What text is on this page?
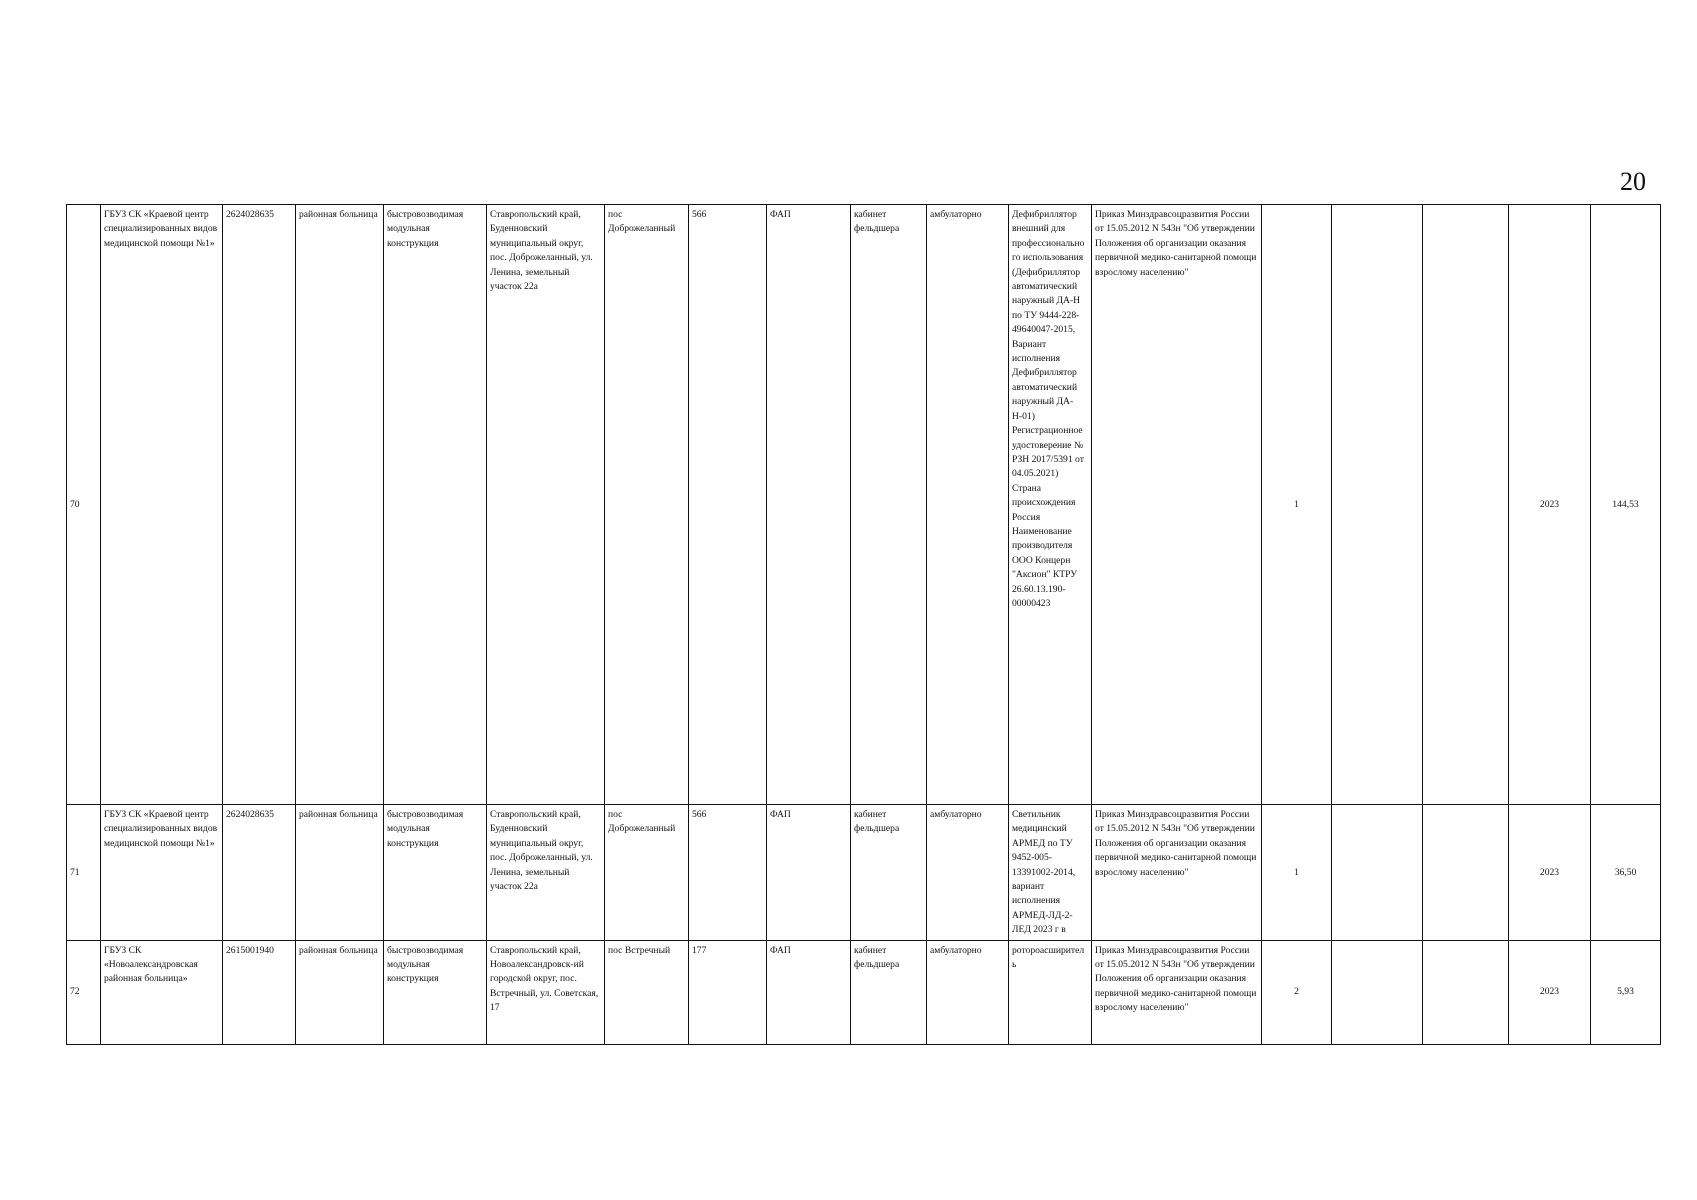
20
70	ГБУЗ СК «Краевой центр специализированных видов медицинской помощи №1»	2624028635	районная больница	быстровозводимая модульная конструкция	Ставропольский край, Буденновский муниципальный округ, пос. Доброжеланный, ул. Ленина, земельный участок 22а	пос Доброжеланный	566	ФАП	кабинет фельдшера	амбулаторно	Дефибриллятор внешний для профессионального использования (Дефибриллятор автоматический наружный ДА-Н по ТУ 9444-228-49640047-2015, Вариант исполнения Дефибриллятор автоматический наружный ДА-Н-01) Регистрационное удостоверение № РЗН 2017/5391 от 04.05.2021) Страна происхождения Россия Наименование производителя ООО Концерн "Аксион" КТРУ 26.60.13.190-00000423	Приказ Минздравсоцразвития России от 15.05.2012 N 543н "Об утверждении Положения об организации оказания первичной медико-санитарной помощи взрослому населению"	1			2023	144,53
71	ГБУЗ СК «Краевой центр специализированных видов медицинской помощи №1»	2624028635	районная больница	быстровозводимая модульная конструкция	Ставропольский край, Буденновский муниципальный округ, пос. Доброжеланный, ул. Ленина, земельный участок 22а	пос Доброжеланный	566	ФАП	кабинет фельдшера	амбулаторно	Светильник медицинский АРМЕД по ТУ 9452-005-13391002-2014, вариант исполнения АРМЕД-ЛД-2-ЛЕД 2023 г в	Приказ Минздравсоцразвития России от 15.05.2012 N 543н "Об утверждении Положения об организации оказания первичной медико-санитарной помощи взрослому населению"	1			2023	36,50
72	ГБУЗ СК «Новоалександровская районная больница»	2615001940	районная больница	быстровозводимая модульная конструкция	Ставропольский край, Новоалександровск-ий городской округ, пос. Встречный, ул. Советская, 17	пос Встречный	177	ФАП	кабинет фельдшера	амбулаторно	ротороасширитель	Приказ Минздравсоцразвития России от 15.05.2012 N 543н "Об утверждении Положения об организации оказания первичной медико-санитарной помощи взрослому населению"	2			2023	5,93
